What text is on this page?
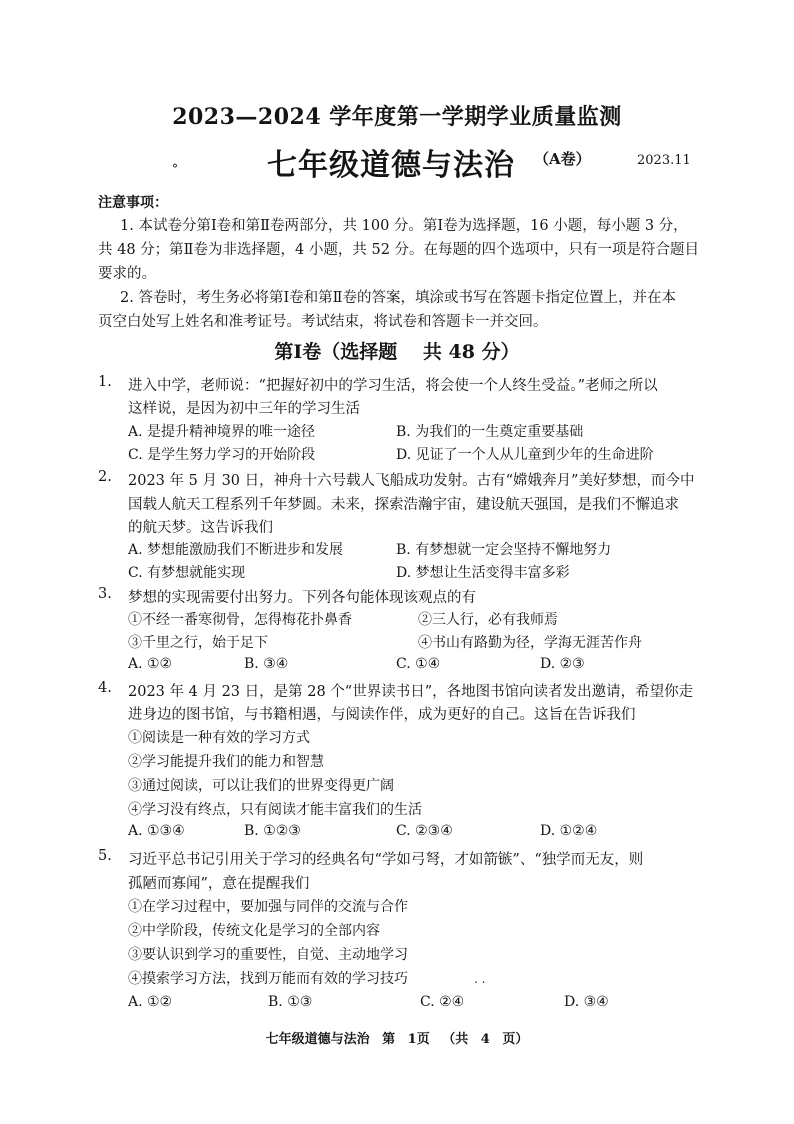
2023—2024 学年度第一学期学业质量监测
°	七年级道德与法治 （A卷）	2023.11
注意事项：
1. 本试卷分第Ⅰ卷和第Ⅱ卷两部分，共 100 分。第Ⅰ卷为选择题，16 小题，每小题 3 分，
共 48 分；第Ⅱ卷为非选择题，4 小题，共 52 分。在每题的四个选项中，只有一项是符合题目
要求的。
2. 答卷时，考生务必将第Ⅰ卷和第Ⅱ卷的答案，填涂或书写在答题卡指定位置上，并在本
页空白处写上姓名和准考证号。考试结束，将试卷和答题卡一并交回。
第Ⅰ卷（选择题　 共 48 分）
1. 进入中学，老师说：“把握好初中的学习生活，将会使一个人终生受益。”老师之所以
这样说，是因为初中三年的学习生活
A. 是提升精神境界的唯一途径	B. 为我们的一生奠定重要基础
C. 是学生努力学习的开始阶段	D. 见证了一个人从儿童到少年的生命进阶
2. 2023 年 5 月 30 日，神舟十六号载人飞船成功发射。古有“嫦娥奔月”美好梦想，而今中
国载人航天工程系列千年梦圆。未来，探索浩瀚宇宙，建设航天强国，是我们不懈追求
的航天梦。这告诉我们
A. 梦想能激励我们不断进步和发展	B. 有梦想就一定会坚持不懈地努力
C. 有梦想就能实现	D. 梦想让生活变得丰富多彩
3. 梦想的实现需要付出努力。下列各句能体现该观点的有
①不经一番寒彻骨，怎得梅花扑鼻香	②三人行，必有我师焉
③千里之行，始于足下	④书山有路勤为径，学海无涯苦作舟
A. ①②	B. ③④	C. ①④	D. ②③
4. 2023 年 4 月 23 日，是第 28 个“世界读书日”，各地图书馆向读者发出邀请，希望你走
进身边的图书馆，与书籍相遇，与阅读作伴，成为更好的自己。这旨在告诉我们
①阅读是一种有效的学习方式
②学习能提升我们的能力和智慧
③通过阅读，可以让我们的世界变得更广阔
④学习没有终点，只有阅读才能丰富我们的生活
A. ①③④	B. ①②③	C. ②③④	D. ①②④
5. 习近平总书记引用关于学习的经典名句“学如弓弩，才如箭镞”、“独学而无友，则
孤陋而寡闻”，意在提醒我们
①在学习过程中，要加强与同伴的交流与合作
②中学阶段，传统文化是学习的全部内容
③要认识到学习的重要性，自觉、主动地学习
④摸索学习方法，找到万能而有效的学习技巧	. .
A. ①②	B. ①③	C. ②④	D. ③④
七年级道德与法治 第 1页 （共 4 页）
